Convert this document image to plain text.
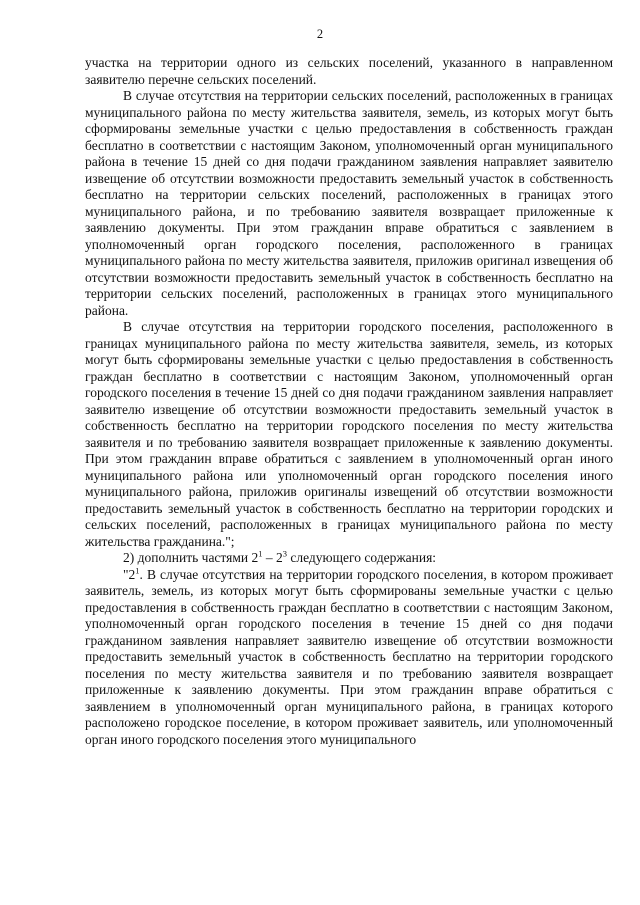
2

участка на территории одного из сельских поселений, указанного в направленном заявителю перечне сельских поселений.

В случае отсутствия на территории сельских поселений, расположенных в границах муниципального района по месту жительства заявителя, земель, из которых могут быть сформированы земельные участки с целью предоставления в собственность граждан бесплатно в соответствии с настоящим Законом, уполномоченный орган муниципального района в течение 15 дней со дня подачи гражданином заявления направляет заявителю извещение об отсутствии возможности предоставить земельный участок в собственность бесплатно на территории сельских поселений, расположенных в границах этого муниципального района, и по требованию заявителя возвращает приложенные к заявлению документы. При этом гражданин вправе обратиться с заявлением в уполномоченный орган городского поселения, расположенного в границах муниципального района по месту жительства заявителя, приложив оригинал извещения об отсутствии возможности предоставить земельный участок в собственность бесплатно на территории сельских поселений, расположенных в границах этого муниципального района.

В случае отсутствия на территории городского поселения, расположенного в границах муниципального района по месту жительства заявителя, земель, из которых могут быть сформированы земельные участки с целью предоставления в собственность граждан бесплатно в соответствии с настоящим Законом, уполномоченный орган городского поселения в течение 15 дней со дня подачи гражданином заявления направляет заявителю извещение об отсутствии возможности предоставить земельный участок в собственность бесплатно на территории городского поселения по месту жительства заявителя и по требованию заявителя возвращает приложенные к заявлению документы. При этом гражданин вправе обратиться с заявлением в уполномоченный орган иного муниципального района или уполномоченный орган городского поселения иного муниципального района, приложив оригиналы извещений об отсутствии возможности предоставить земельный участок в собственность бесплатно на территории городских и сельских поселений, расположенных в границах муниципального района по месту жительства гражданина.";

2) дополнить частями $2^1 - 2^3$ следующего содержания:

"$2^1$. В случае отсутствия на территории городского поселения, в котором проживает заявитель, земель, из которых могут быть сформированы земельные участки с целью предоставления в собственность граждан бесплатно в соответствии с настоящим Законом, уполномоченный орган городского поселения в течение 15 дней со дня подачи гражданином заявления направляет заявителю извещение об отсутствии возможности предоставить земельный участок в собственность бесплатно на территории городского поселения по месту жительства заявителя и по требованию заявителя возвращает приложенные к заявлению документы. При этом гражданин вправе обратиться с заявлением в уполномоченный орган муниципального района, в границах которого расположено городское поселение, в котором проживает заявитель, или уполномоченный орган иного городского поселения этого муниципального
